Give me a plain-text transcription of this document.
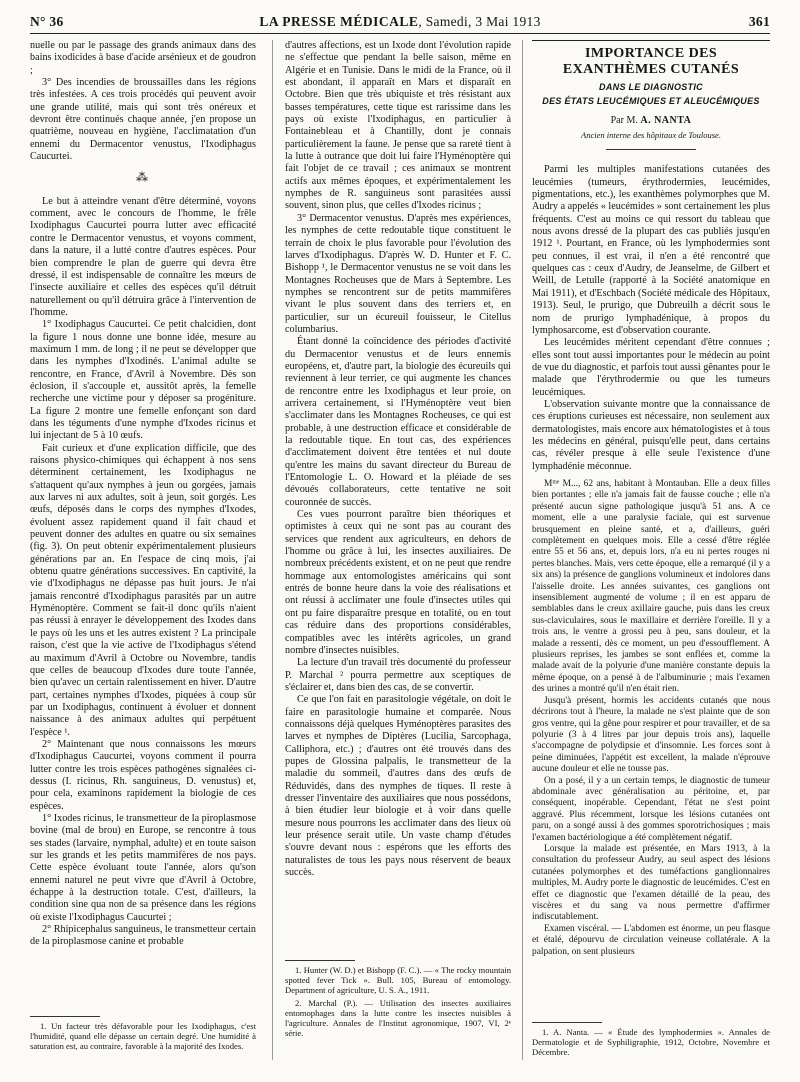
N° 36	LA PRESSE MÉDICALE, Samedi, 3 Mai 1913	361

nuelle ou par le passage des grands animaux dans des bains ixodicides à base d'acide arsénieux et de goudron ;

3° Des incendies de broussailles dans les régions très infestées. A ces trois procédés qui peuvent avoir une grande utilité, mais qui sont très onéreux et devront être continués chaque année, j'en propose un quatrième, nouveau en hygiène, l'acclimatation d'un ennemi du Dermacentor venustus, l'Ixodiphagus Caucurtei.

⁂

Le but à atteindre venant d'être déterminé, voyons comment, avec le concours de l'homme, le frêle Ixodiphagus Caucurtei pourra lutter avec efficacité contre le Dermacentor venustus, et voyons comment, dans la nature, il a lutté contre d'autres espèces. Pour bien comprendre le plan de guerre qui devra être dressé, il est indispensable de connaître les mœurs de l'insecte auxiliaire et celles des espèces qu'il détruit naturellement ou qu'il détruira grâce à l'intervention de l'homme.

1° Ixodiphagus Caucurtei. Ce petit chalcidien, dont la figure 1 nous donne une bonne idée, mesure au maximum 1 mm. de long ; il ne peut se développer que dans les nymphes d'Ixodinés. L'animal adulte se rencontre, en France, d'Avril à Novembre. Dès son éclosion, il s'accouple et, aussitôt après, la femelle recherche une victime pour y déposer sa progéniture. La figure 2 montre une femelle enfonçant son dard dans les téguments d'une nymphe d'Ixodes ricinus et lui injectant de 5 à 10 œufs.

Fait curieux et d'une explication difficile, que des raisons physico-chimiques qui échappent à nos sens déterminent certainement, les Ixodiphagus ne s'attaquent qu'aux nymphes à jeun ou gorgées, jamais aux larves ni aux adultes, soit à jeun, soit gorgés. Les œufs, déposés dans le corps des nymphes d'Ixodes, évoluent assez rapidement quand il fait chaud et peuvent donner des adultes en quatre ou six semaines (fig. 3). On peut obtenir expérimentalement plusieurs générations par an. En l'espace de cinq mois, j'ai obtenu quatre générations successives. En captivité, la vie d'Ixodiphagus ne dépasse pas huit jours. Je n'ai jamais rencontré d'Ixodiphagus parasités par un autre Hyménoptère. Comment se fait-il donc qu'ils n'aient pas réussi à enrayer le développement des Ixodes dans le pays où les uns et les autres existent ? La principale raison, c'est que la vie active de l'Ixodiphagus s'étend au maximum d'Avril à Octobre ou Novembre, tandis que celles de beaucoup d'Ixodes dure toute l'année, bien qu'avec un certain ralentissement en hiver. D'autre part, certaines nymphes d'Ixodes, piquées à coup sûr par un Ixodiphagus, continuent à évoluer et donnent naissance à des animaux adultes qui perpétuent l'espèce ¹.

2° Maintenant que nous connaissons les mœurs d'Ixodiphagus Caucurtei, voyons comment il pourra lutter contre les trois espèces pathogènes signalées ci-dessus (I. ricinus, Rh. sanguineus, D. venustus) et, pour cela, examinons rapidement la biologie de ces espèces.

1° Ixodes ricinus, le transmetteur de la piroplasmose bovine (mal de brou) en Europe, se rencontre à tous ses stades (larvaire, nymphal, adulte) et en toute saison sur les grands et les petits mammifères de nos pays. Cette espèce évoluant toute l'année, alors qu'son ennemi naturel ne peut vivre que d'Avril à Octobre, échappe à la destruction totale. C'est, d'ailleurs, la condition sine qua non de sa présence dans les régions où existe l'Ixodiphagus Caucurtei ;

2° Rhipicephalus sanguineus, le transmetteur certain de la piroplasmose canine et probable

1. Un facteur très défavorable pour les Ixodiphagus, c'est l'humidité, quand elle dépasse un certain degré. Une humidité à saturation est, au contraire, favorable à la majorité des Ixodes.

d'autres affections, est un Ixode dont l'évolution rapide ne s'effectue que pendant la belle saison, même en Algérie et en Tunisie. Dans le midi de la France, où il est abondant, il apparaît en Mars et disparaît en Octobre. Bien que très ubiquiste et très résistant aux basses températures, cette tique est rarissime dans les pays où existe l'Ixodiphagus, en particulier à Fontainebleau et à Chantilly, dont je connais particulièrement la faune. Je pense que sa rareté tient à la lutte à outrance que doit lui faire l'Hyménoptère qui fait l'objet de ce travail ; ces animaux se montrent actifs aux mêmes époques, et expérimentalement les nymphes de R. sanguineus sont parasitées aussi souvent, sinon plus, que celles d'Ixodes ricinus ;

3° Dermacentor venustus. D'après mes expériences, les nymphes de cette redoutable tique constituent le terrain de choix le plus favorable pour l'évolution des larves d'Ixodiphagus. D'après W. D. Hunter et F. C. Bishopp ¹, le Dermacentor venustus ne se voit dans les Montagnes Rocheuses que de Mars à Septembre. Les nymphes se rencontrent sur de petits mammifères vivant le plus souvent dans des terriers et, en particulier, sur un écureuil fouisseur, le Citellus columbarius.

Étant donné la coïncidence des périodes d'activité du Dermacentor venustus et de leurs ennemis européens, et, d'autre part, la biologie des écureuils qui reviennent à leur terrier, ce qui augmente les chances de rencontre entre les Ixodiphagus et leur proie, on arrivera certainement, si l'Hyménoptère veut bien s'acclimater dans les Montagnes Rocheuses, ce qui est probable, à une destruction efficace et considérable de la redoutable tique. En tout cas, des expériences d'acclimatement doivent être tentées et nul doute qu'entre les mains du savant directeur du Bureau de l'Entomologie L. O. Howard et la pléiade de ses dévoués collaborateurs, cette tentative ne soit couronnée de succès.

Ces vues pourront paraître bien théoriques et optimistes à ceux qui ne sont pas au courant des services que rendent aux agriculteurs, en dehors de l'homme ou grâce à lui, les insectes auxiliaires. De nombreux précédents existent, et on ne peut que rendre hommage aux entomologistes américains qui sont entrés de bonne heure dans la voie des réalisations et ont réussi à acclimater une foule d'insectes utiles qui ont pu faire disparaître presque en totalité, ou en tout cas réduire dans des proportions considérables, compatibles avec les intérêts agricoles, un grand nombre d'insectes nuisibles.

La lecture d'un travail très documenté du professeur P. Marchal ² pourra permettre aux sceptiques de s'éclairer et, dans bien des cas, de se convertir.

Ce que l'on fait en parasitologie végétale, on doit le faire en parasitologie humaine et comparée. Nous connaissons déjà quelques Hyménoptères parasites des larves et nymphes de Diptères (Lucilia, Sarcophaga, Calliphora, etc.) ; d'autres ont été trouvés dans des pupes de Glossina palpalis, le transmetteur de la maladie du sommeil, d'autres dans des œufs de Réduvidés, dans des nymphes de tiques. Il reste à dresser l'inventaire des auxiliaires que nous possédons, à bien étudier leur biologie et à voir dans quelle mesure nous pourrons les acclimater dans des lieux où leur présence serait utile. Un vaste champ d'études s'ouvre devant nous : espérons que les efforts des naturalistes de tous les pays nous réservent de beaux succès.

1. Hunter (W. D.) et Bishopp (F. C.). — « The rocky mountain spotted fever Tick ». Bull. 105, Bureau of entomology. Department of agriculture, U. S. A., 1911.

2. Marchal (P.). — Utilisation des insectes auxiliaires entomophages dans la lutte contre les insectes nuisibles à l'agriculture. Annales de l'Institut agronomique, 1907, VI, 2ᵉ série.

IMPORTANCE DES EXANTHÈMES CUTANÉS
DANS LE DIAGNOSTIC
DES ÉTATS LEUCÉMIQUES ET ALEUCÉMIQUES
Par M. A. NANTA
Ancien interne des hôpitaux de Toulouse.

Parmi les multiples manifestations cutanées des leucémies (tumeurs, érythrodermies, leucémides, pigmentations, etc.), les exanthèmes polymorphes que M. Audry a appelés « leucémides » sont certainement les plus fréquents. C'est au moins ce qui ressort du tableau que nous avons dressé de la plupart des cas publiés jusqu'en 1912 ¹. Pourtant, en France, où les lymphodermies sont peu connues, il est vrai, il n'en a été rencontré que quelques cas : ceux d'Audry, de Jeanselme, de Gilbert et Weill, de Letulle (rapporté à la Société anatomique en Mai 1911), et d'Eschbach (Société médicale des Hôpitaux, 1913). Seul, le prurigo, que Dubreuilh a décrit sous le nom de prurigo lymphadénique, à propos du lymphosarcome, est d'observation courante.

Les leucémides méritent cependant d'être connues ; elles sont tout aussi importantes pour le médecin au point de vue du diagnostic, et parfois tout aussi gênantes pour le malade que l'érythrodermie ou que les tumeurs leucémiques.

L'observation suivante montre que la connaissance de ces éruptions curieuses est nécessaire, non seulement aux dermatologistes, mais encore aux hématologistes et à tous les médecins en général, puisqu'elle peut, dans certains cas, révéler presque à elle seule l'existence d'une lymphadénie méconnue.

Mᵐᵉ M..., 62 ans, habitant à Montauban. Elle a deux filles bien portantes ; elle n'a jamais fait de fausse couche ; elle n'a présenté aucun signe pathologique jusqu'à 51 ans. A ce moment, elle a une paralysie faciale, qui est survenue brusquement en pleine santé, et a, d'ailleurs, guéri complètement en quelques mois. Elle a cessé d'être réglée entre 55 et 56 ans, et, depuis lors, n'a eu ni pertes rouges ni pertes blanches. Mais, vers cette époque, elle a remarqué (il y a six ans) la présence de ganglions volumineux et indolores dans l'aisselle droite. Les années suivantes, ces ganglions ont insensiblement augmenté de volume ; il en est apparu de semblables dans le creux axillaire gauche, puis dans les creux sus-claviculaires, sous le maxillaire et derrière l'oreille. Il y a trois ans, le ventre a grossi peu à peu, sans douleur, et la malade a ressenti, dès ce moment, un peu d'essoufflement. A plusieurs reprises, les jambes se sont enflées et, comme la malade avait de la polyurie d'une manière constante depuis la même époque, on a pensé à de l'albuminurie ; mais l'examen des urines a montré qu'il n'en était rien.

Jusqu'à présent, hormis les accidents cutanés que nous décrirons tout à l'heure, la malade ne s'est plainte que de son gros ventre, qui la gêne pour respirer et pour travailler, et de sa polyurie (3 à 4 litres par jour depuis trois ans), laquelle s'accompagne de polydipsie et d'insomnie. Les forces sont à peine diminuées, l'appétit est excellent, la malade n'éprouve aucune douleur et elle ne tousse pas.

On a posé, il y a un certain temps, le diagnostic de tumeur abdominale avec généralisation au péritoine, et, par conséquent, inopérable. Cependant, l'état ne s'est point aggravé. Plus récemment, lorsque les lésions cutanées ont paru, on a songé aussi à des gommes sporotrichosiques ; mais l'examen bactériologique a été complètement négatif.

Lorsque la malade est présentée, en Mars 1913, à la consultation du professeur Audry, au seul aspect des lésions cutanées polymorphes et des tuméfactions ganglionnaires multiples, M. Audry porte le diagnostic de leucémides. C'est en effet ce diagnostic que l'examen détaillé de la peau, des viscères et du sang va nous permettre d'affirmer indiscutablement.

Examen viscéral. — L'abdomen est énorme, un peu flasque et étalé, dépourvu de circulation veineuse collatérale. A la palpation, on sent plusieurs

1. A. Nanta. — « Étude des lymphodermies ». Annales de Dermatologie et de Syphiligraphie, 1912, Octobre, Novembre et Décembre.
